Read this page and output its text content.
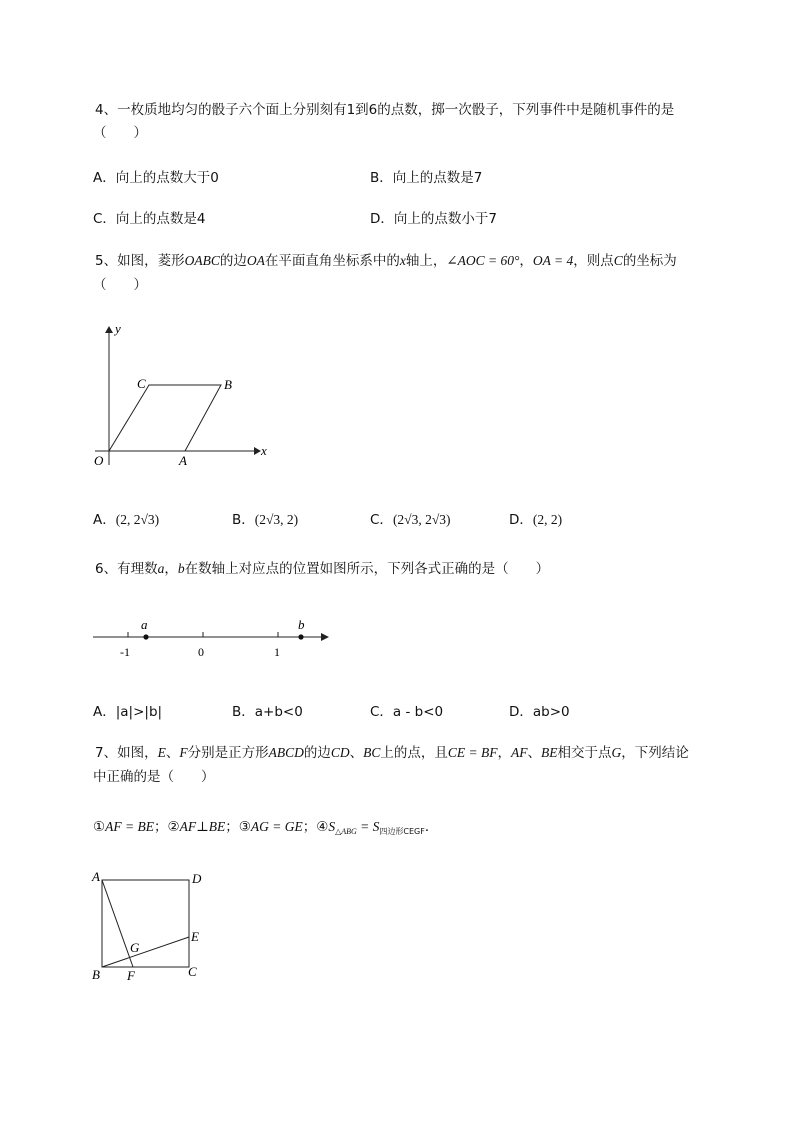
4、一枚质地均匀的骰子六个面上分别刻有1到6的点数，掷一次骰子，下列事件中是随机事件的是
（　　）
A．向上的点数大于0	B．向上的点数是7
C．向上的点数是4	D．向上的点数小于7
5、如图，菱形OABC的边OA在平面直角坐标系中的x轴上，∠AOC = 60°，OA = 4，则点C的坐标为
（　　）
y
x
O	A
B
C
A．(2, 2√3)	B．(2√3, 2)	C．(2√3, 2√3)	D．(2, 2)
6、有理数a，b在数轴上对应点的位置如图所示，下列各式正确的是（　　）
a	b
-1	0	1
A．|a|>|b|	B．a+b<0	C．a - b<0	D．ab>0
7、如图，E、F分别是正方形ABCD的边CD、BC上的点，且CE = BF，AF、BE相交于点G，下列结论
中正确的是（　　）
①AF = BE；②AF⊥BE；③AG = GE；$④S_{\triangle ABG} = S_{四边形CEGF}$．
A	D
B	C
E
F
G
